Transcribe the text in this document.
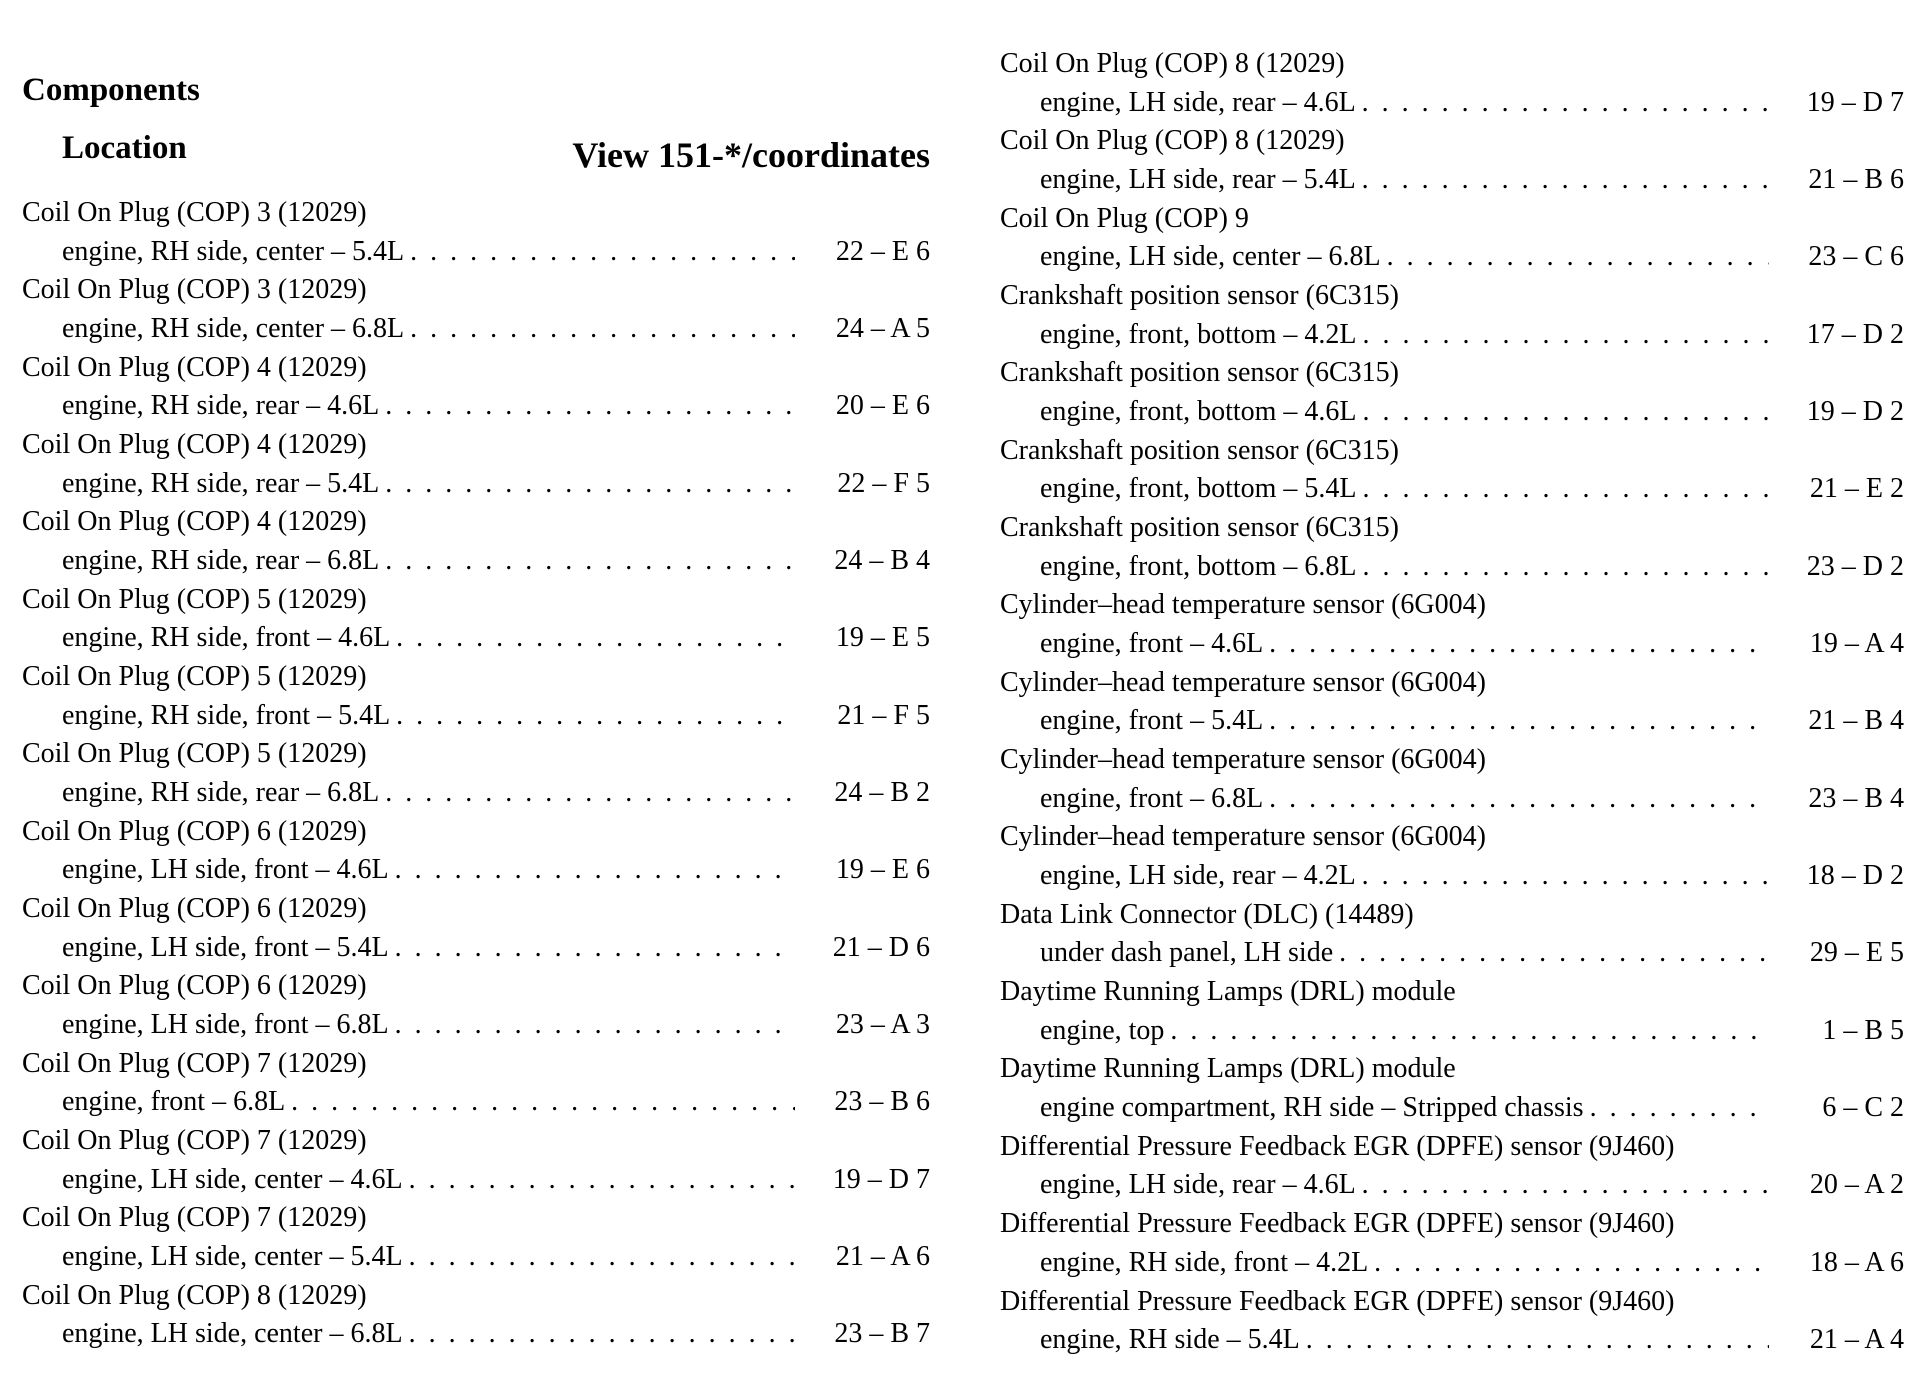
Components
Location	View 151-*/coordinates
Coil On Plug (COP) 3 (12029)
engine, RH side, center – 5.4L . . .	22 – E 6
Coil On Plug (COP) 3 (12029)
engine, RH side, center – 6.8L . . .	24 – A 5
Coil On Plug (COP) 4 (12029)
engine, RH side, rear – 4.6L . . .	20 – E 6
Coil On Plug (COP) 4 (12029)
engine, RH side, rear – 5.4L . . .	22 – F 5
Coil On Plug (COP) 4 (12029)
engine, RH side, rear – 6.8L . . .	24 – B 4
Coil On Plug (COP) 5 (12029)
engine, RH side, front – 4.6L . . .	19 – E 5
Coil On Plug (COP) 5 (12029)
engine, RH side, front – 5.4L . . .	21 – F 5
Coil On Plug (COP) 5 (12029)
engine, RH side, rear – 6.8L . . .	24 – B 2
Coil On Plug (COP) 6 (12029)
engine, LH side, front – 4.6L . . .	19 – E 6
Coil On Plug (COP) 6 (12029)
engine, LH side, front – 5.4L . . .	21 – D 6
Coil On Plug (COP) 6 (12029)
engine, LH side, front – 6.8L . . .	23 – A 3
Coil On Plug (COP) 7 (12029)
engine, front – 6.8L . . .	23 – B 6
Coil On Plug (COP) 7 (12029)
engine, LH side, center – 4.6L . . .	19 – D 7
Coil On Plug (COP) 7 (12029)
engine, LH side, center – 5.4L . . .	21 – A 6
Coil On Plug (COP) 8 (12029)
engine, LH side, center – 6.8L . . .	23 – B 7
Coil On Plug (COP) 8 (12029)
engine, LH side, rear – 4.6L . . .	19 – D 7
Coil On Plug (COP) 8 (12029)
engine, LH side, rear – 5.4L . . .	21 – B 6
Coil On Plug (COP) 9
engine, LH side, center – 6.8L . . .	23 – C 6
Crankshaft position sensor (6C315)
engine, front, bottom – 4.2L . . .	17 – D 2
Crankshaft position sensor (6C315)
engine, front, bottom – 4.6L . . .	19 – D 2
Crankshaft position sensor (6C315)
engine, front, bottom – 5.4L . . .	21 – E 2
Crankshaft position sensor (6C315)
engine, front, bottom – 6.8L . . .	23 – D 2
Cylinder–head temperature sensor (6G004)
engine, front – 4.6L . . .	19 – A 4
Cylinder–head temperature sensor (6G004)
engine, front – 5.4L . . .	21 – B 4
Cylinder–head temperature sensor (6G004)
engine, front – 6.8L . . .	23 – B 4
Cylinder–head temperature sensor (6G004)
engine, LH side, rear – 4.2L . . .	18 – D 2
Data Link Connector (DLC) (14489)
under dash panel, LH side . . .	29 – E 5
Daytime Running Lamps (DRL) module
engine, top . . .	1 – B 5
Daytime Running Lamps (DRL) module
engine compartment, RH side – Stripped chassis . . .	6 – C 2
Differential Pressure Feedback EGR (DPFE) sensor (9J460)
engine, LH side, rear – 4.6L . . .	20 – A 2
Differential Pressure Feedback EGR (DPFE) sensor (9J460)
engine, RH side, front – 4.2L . . .	18 – A 6
Differential Pressure Feedback EGR (DPFE) sensor (9J460)
engine, RH side – 5.4L . . .	21 – A 4
